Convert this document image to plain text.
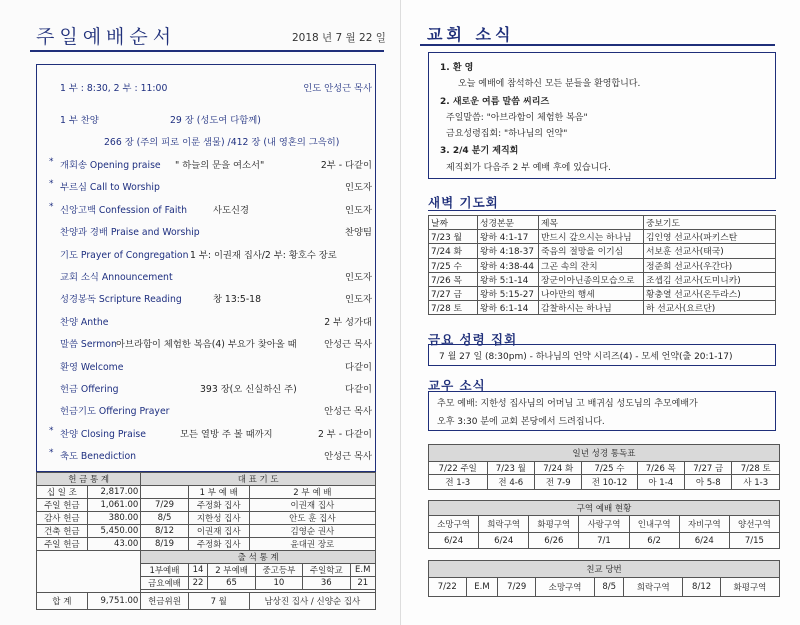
주일예배순서	2018 년 7 월 22 일
1 부 : 8:30, 2 부 : 11:00	인도 안성근 목사
1 부 찬양	29 장 (성도여 다함께)
266 장 (주의 피로 이룬 샘물) /412 장 (내 영혼의 그윽히)
* 개회송 Opening praise " 하늘의 문을 여소서"	2부 - 다같이
* 부르심 Call to Worship	인도자
* 신앙고백 Confession of Faith	사도신경	인도자
찬양과 경배 Praise and Worship	찬양팀
기도 Prayer of Congregation 1 부: 이권재 집사/2 부: 황호수 장로
교회 소식 Announcement	인도자
성경봉독 Scripture Reading	창 13:5-18	인도자
찬양 Anthe	2 부 성가대
말씀 Sermon 아브라함이 체험한 복음(4) 부요가 찾아올 때	안성근 목사
환영 Welcome	다같이
헌금 Offering	393 장(오 신실하신 주)	다같이
헌금기도 Offering Prayer	안성근 목사
* 찬양 Closing Praise	모든 열방 주 볼 때까지	2 부 - 다같이
* 축도 Benediction	안성근 목사
헌 금 통 계	대 표 기 도
십 일 조	2,817.00		1 부 예 배	2 부 예 배
주일 헌금	1,061.00	7/29	주정화 집사	이권재 집사
감사 헌금	380.00	8/5	지한성 집사	안도 훈 집사
건축 헌금	5,450.00	8/12	이권재 집사	김영순 권사
주일 헌금	43.00	8/19	주정화 집사	윤대권 장로
	출 석 통 계

1부예배	14	2 부예배	중고등부	주일학교	E.M
금요예배	22	65	10	36	21

합 계	9,751.00	헌금위원	7 월	남상진 집사 / 신양순 집사
교회 소식
1. 환 영
오늘 예배에 참석하신 모든 분들을 환영합니다.
2. 새로운 여름 말씀 씨리즈
주일말씀: "아브라함이 체험한 복음"
금요성령집회: "하나님의 언약"
3. 2/4 분기 제직회
제직회가 다음주 2 부 예배 후에 있습니다.
새벽 기도회
날짜	성경본문	제목	중보기도
7/23 월	왕하 4:1-17	반드시 갚으시는 하나님	김인영 선교사(파키스탄
7/24 화	왕하 4:18-37	죽음의 절망을 이기심	서보훈 선교사(태국)
7/25 수	왕하 4:38-44	그곤 속의 잔치	정준희 선교사(우간다)
7/26 목	왕하 5:1-14	장군이아닌종의모습으로	조셉김 선교사(도미니카)
7/27 금	왕하 5:15-27	나아만의 행세	황충열 선교사(온두라스)
7/28 토	왕하 6:1-14	감찰하시는 하나님	하 선교사(요르단)
금요 성령 집회
7 월 27 일 (8:30pm) - 하나님의 언약 시리즈(4) - 모세 언약(출 20:1-17)
교우 소식
추모 예배: 지한성 집사님의 어머님 고 배귀심 성도님의 추모예배가
오후 3:30 분에 교회 본당에서 드려집니다.
일년 성경 통독표						
7/22 주일	7/23 월	7/24 화	7/25 수	7/26 목	7/27 금	7/28 토
전 1-3	전 4-6	전 7-9	전 10-12	아 1-4	아 5-8	사 1-3
구역 예배 현황						
소망구역	희락구역	화평구역	사랑구역	인내구역	자비구역	양선구역
6/24	6/24	6/26	7/1	6/2	6/24	7/15
친교 당번
7/22	E.M	7/29	소망구역	8/5	희락구역	8/12	화평구역
